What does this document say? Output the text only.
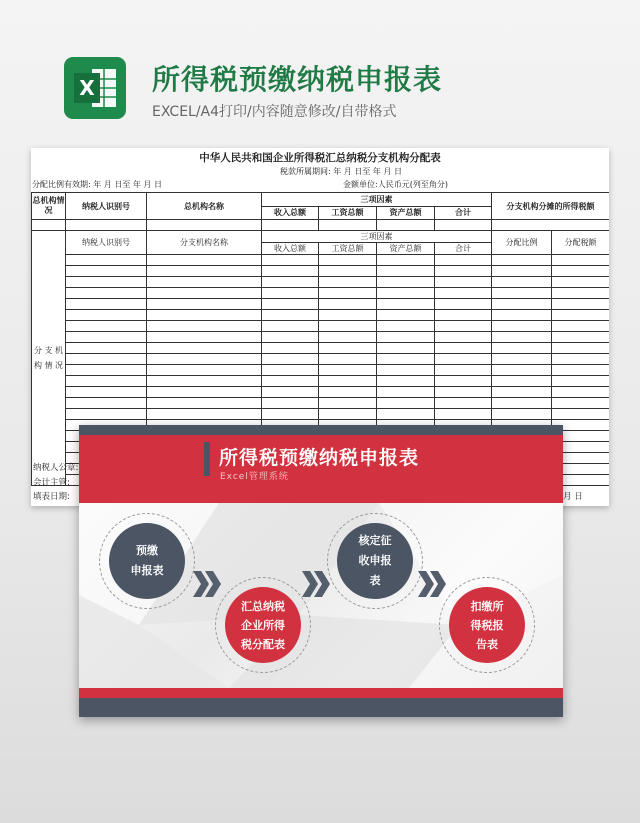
X 所得税预缴纳税申报表
EXCEL/A4打印/内容随意修改/自带格式
中华人民共和国企业所得税汇总纳税分支机构分配表
税款所属期间: 年 月 日至 年 月 日
分配比例有效期: 年 月 日至 年 月 日	金额单位:人民币元(列至角分)
总机构情况	纳税人识别号	总机构名称	三项因素				分支机构分摊的所得税额	
			收入总额	工资总额	资产总额	合计		

分 支 机 构 情 况	纳税人识别号	分支机构名称	三项因素				分配比例	分配税额
			收入总额	工资总额	资产总额	合计		

纳税人公章:
会计主管:
填表日期:	月 日
所得税预缴纳税申报表
Excel管理系统
预缴
申报表
汇总纳税
企业所得
税分配表
核定征
收申报
表
扣缴所
得税报
告表
